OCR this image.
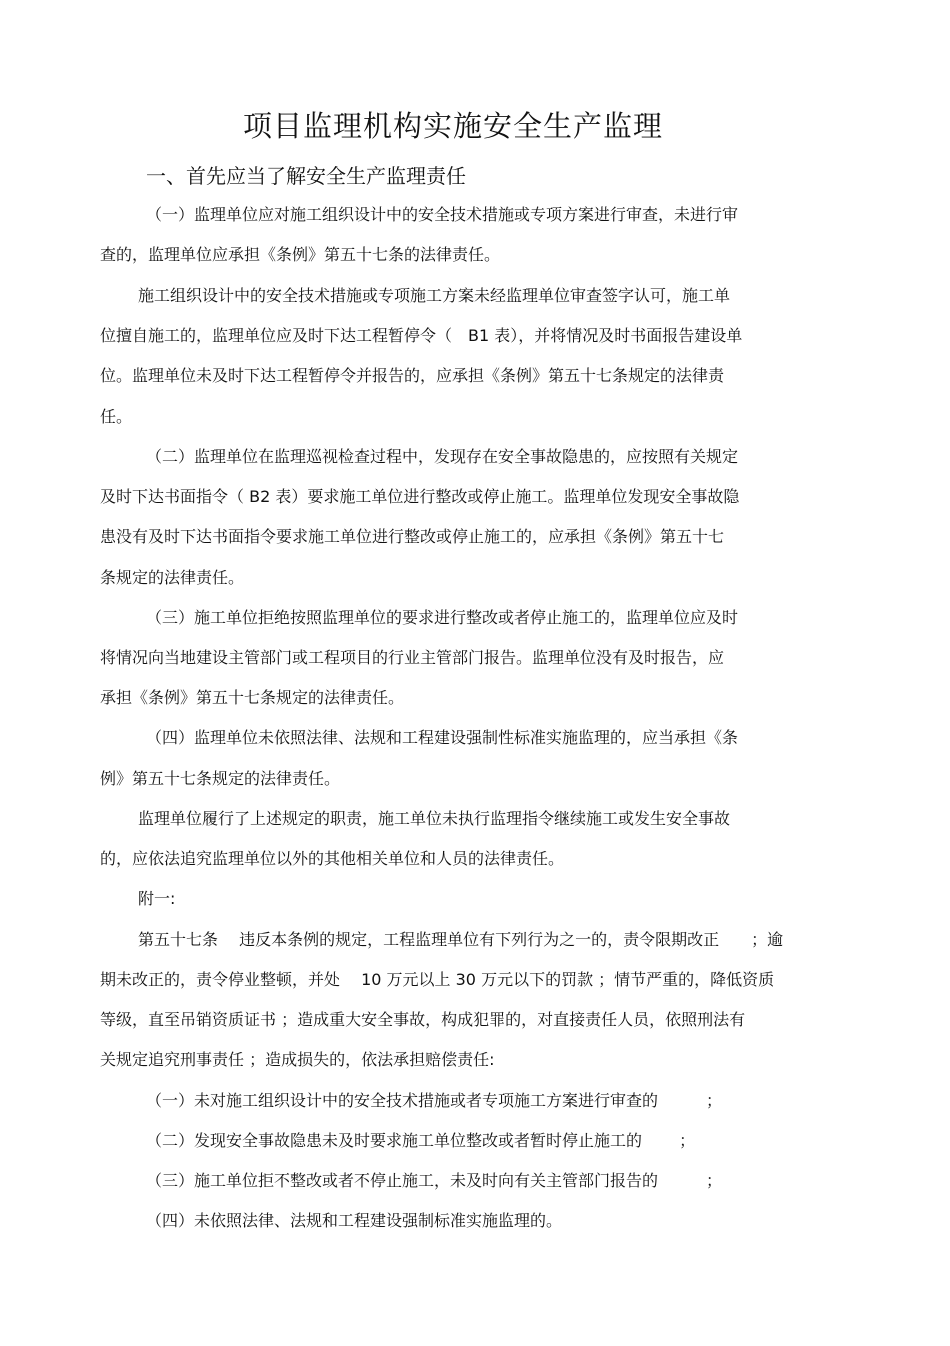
项目监理机构实施安全生产监理
一、首先应当了解安全生产监理责任
（一）监理单位应对施工组织设计中的安全技术措施或专项方案进行审查，未进行审
查的，监理单位应承担《条例》第五十七条的法律责任。
施工组织设计中的安全技术措施或专项施工方案未经监理单位审查签字认可，施工单
位擅自施工的，监理单位应及时下达工程暂停令（　B1 表），并将情况及时书面报告建设单
位。监理单位未及时下达工程暂停令并报告的，应承担《条例》第五十七条规定的法律责
任。
（二）监理单位在监理巡视检查过程中，发现存在安全事故隐患的，应按照有关规定
及时下达书面指令（ B2 表）要求施工单位进行整改或停止施工。监理单位发现安全事故隐
患没有及时下达书面指令要求施工单位进行整改或停止施工的，应承担《条例》第五十七
条规定的法律责任。
（三）施工单位拒绝按照监理单位的要求进行整改或者停止施工的，监理单位应及时
将情况向当地建设主管部门或工程项目的行业主管部门报告。监理单位没有及时报告，应
承担《条例》第五十七条规定的法律责任。
（四）监理单位未依照法律、法规和工程建设强制性标准实施监理的，应当承担《条
例》第五十七条规定的法律责任。
监理单位履行了上述规定的职责，施工单位未执行监理指令继续施工或发生安全事故
的，应依法追究监理单位以外的其他相关单位和人员的法律责任。
附一:
第五十七条　 违反本条例的规定，工程监理单位有下列行为之一的，责令限期改正　　；逾
期未改正的，责令停业整顿，并处　 10 万元以上 30 万元以下的罚款 ；情节严重的，降低资质
等级，直至吊销资质证书 ；造成重大安全事故，构成犯罪的，对直接责任人员，依照刑法有
关规定追究刑事责任 ；造成损失的，依法承担赔偿责任:
（一）未对施工组织设计中的安全技术措施或者专项施工方案进行审查的　　　；
（二）发现安全事故隐患未及时要求施工单位整改或者暂时停止施工的　　 ；
（三）施工单位拒不整改或者不停止施工，未及时向有关主管部门报告的　　　；
（四）未依照法律、法规和工程建设强制标准实施监理的。
